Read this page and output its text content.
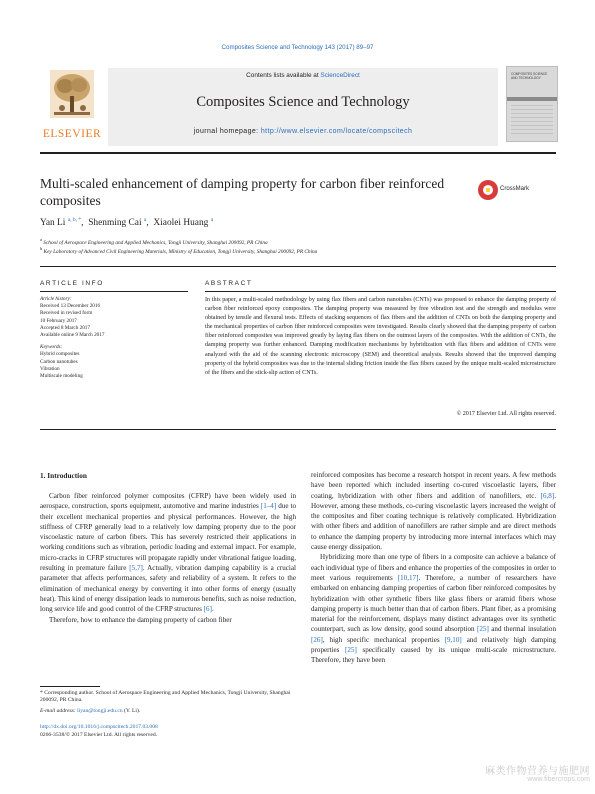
Composites Science and Technology 143 (2017) 89–97
ELSEVIER
Contents lists available at ScienceDirect
Composites Science and Technology
journal homepage: http://www.elsevier.com/locate/compscitech
COMPOSITES SCIENCE AND TECHNOLOGY
Multi-scaled enhancement of damping property for carbon fiber reinforced composites
CrossMark
Yan Li $^{a, b, *}$,  Shenming Cai $^a$,  Xiaolei Huang $^a$
$^a$ School of Aerospace Engineering and Applied Mechanics, Tongji University, Shanghai 200092, PR China
$^b$ Key Laboratory of Advanced Civil Engineering Materials, Ministry of Education, Tongji University, Shanghai 200092, PR China
ARTICLE INFO	ABSTRACT
Article history:
Received 13 December 2016
Received in revised form
10 February 2017
Accepted 8 March 2017
Available online 9 March 2017
Keywords:
Hybrid composites
Carbon nanotubes
Vibration
Multiscale modeling
In this paper, a multi-scaled methodology by using flax fibers and carbon nanotubes (CNTs) was proposed to enhance the damping property of carbon fiber reinforced epoxy composites. The damping property was measured by free vibration test and the strength and modulus were obtained by tensile and flexural tests. Effects of stacking sequences of flax fibers and the addition of CNTs on both the damping property and the mechanical properties of carbon fiber reinforced composites were investigated. Results clearly showed that the damping property of carbon fiber reinforced composites was improved greatly by laying flax fibers on the outmost layers of the composites. With the addition of CNTs, the damping property was further enhanced. Damping modification mechanisms by hybridization with flax fibers and addition of CNTs were analyzed with the aid of the scanning electronic microscopy (SEM) and theoretical analysis. Results showed that the improved damping property of the hybrid composites was due to the internal sliding friction inside the flax fibers caused by the unique multi-scaled microstructure of the fibers and the stick-slip action of CNTs.
© 2017 Elsevier Ltd. All rights reserved.
1. Introduction

Carbon fiber reinforced polymer composites (CFRP) have been widely used in aerospace, construction, sports equipment, automotive and marine industries [1–4] due to their excellent mechanical properties and physical performances. However, the high stiffness of CFRP generally lead to a relatively low damping property due to the poor viscoelastic nature of carbon fibers. This has severely restricted their applications in working conditions such as vibration, periodic loading and external impact. For example, micro-cracks in CFRP structures will propagate rapidly under vibrational fatigue loading, resulting in premature failure [5,7]. Actually, vibration damping capability is a crucial parameter that affects performances, safety and reliability of a system. It refers to the elimination of mechanical energy by converting it into other forms of energy (usually heat). This kind of energy dissipation leads to numerous benefits, such as noise reduction, long service life and good control of the CFRP structures [6].

Therefore, how to enhance the damping property of carbon fiber

reinforced composites has become a research hotspot in recent years. A few methods have been reported which included inserting co-cured viscoelastic layers, fiber coating, hybridization with other fibers and addition of nanofillers, etc. [6,8]. However, among these methods, co-curing viscoelastic layers increased the weight of the composites and fiber coating technique is relatively complicated. Hybridization with other fibers and addition of nanofillers are rather simple and are direct methods to enhance the damping property by introducing more internal interfaces which may cause energy dissipation.

Hybridizing more than one type of fibers in a composite can achieve a balance of each individual type of fibers and enhance the properties of the composites in order to meet various requirements [10,17]. Therefore, a number of researchers have embarked on enhancing damping properties of carbon fiber reinforced composites by hybridization with other synthetic fibers like glass fibers or aramid fibers whose damping property is much better than that of carbon fibers. Plant fiber, as a promising material for the reinforcement, displays many distinct advantages over its synthetic counterpart, such as low density, good sound absorption [25] and thermal insulation [26], high specific mechanical properties [9,10] and relatively high damping properties [25] specifically caused by its unique multi-scale microstructure. Therefore, they have been

* Corresponding author. School of Aerospace Engineering and Applied Mechanics, Tongji University, Shanghai 200092, PR China.
E-mail address: liyan@tongji.edu.cn (Y. Li).
http://dx.doi.org/10.1016/j.compscitech.2017.03.008
0266-3538/© 2017 Elsevier Ltd. All rights reserved.
麻类作物营养与施肥网
www.fibercrops.com
